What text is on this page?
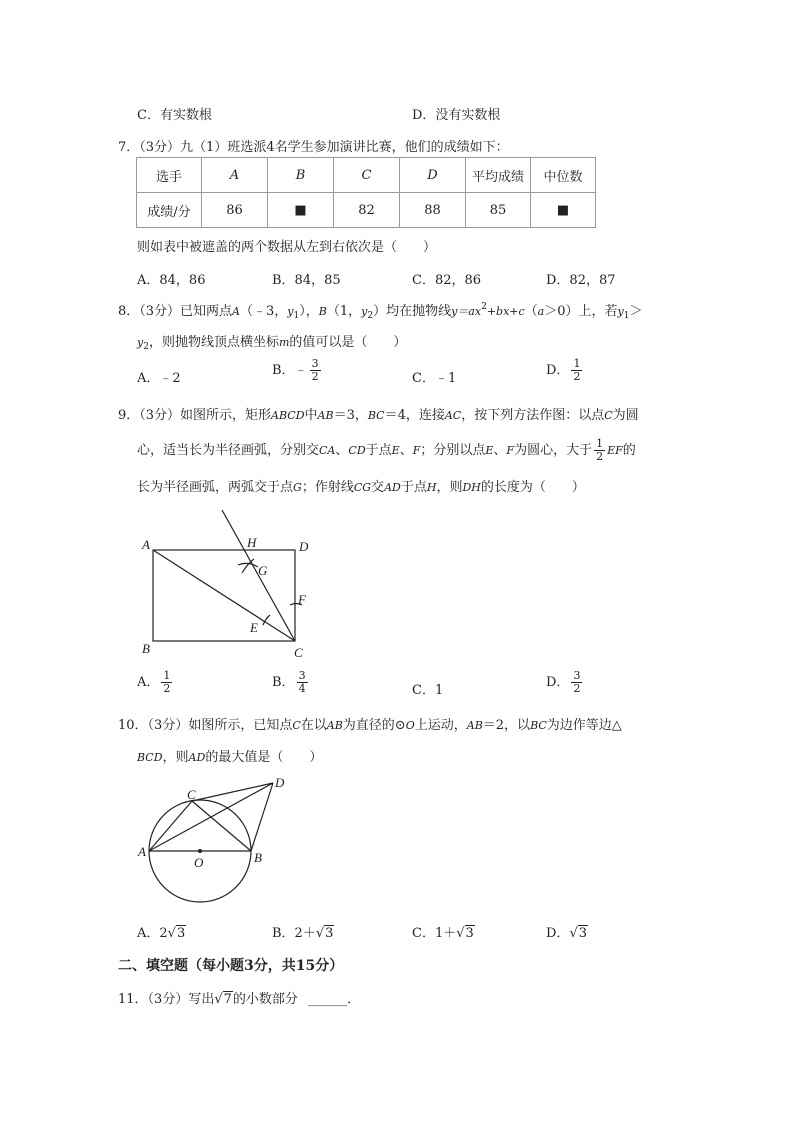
C．有实数根	D．没有实数根
7．（3分）九（1）班选派4名学生参加演讲比赛，他们的成绩如下：
选手	A	B	C	D	平均成绩	中位数
成绩/分	86	■	82	88	85	■
则如表中被遮盖的两个数据从左到右依次是（　　）
A．84，86	B．84，85	C．82，86	D．82，87
8．（3分）已知两点A（﹣3，$y_1$），B（1，$y_2$）均在抛物线$y=ax^2+bx+c(a>0)$上，若$y_1>$
$y_2$，则抛物线顶点横坐标m的值可以是（　　）
A．﹣2
B．﹣ $\frac{3}{2}$	C．﹣1
D． $\frac{1}{2}$
9．（3分）如图所示，矩形ABCD中AB＝3，BC＝4，连接AC，按下列方法作图：以点C为圆
心，适当长为半径画弧，分别交CA、CD于点E、F；分别以点E、F为圆心，大于 $\frac{1}{2}$ EF的
长为半径画弧，两弧交于点G；作射线CG交AD于点H，则DH的长度为（　　）
A
B	C
D
E
F
G
H
A． $\frac{1}{2}$	B． $\frac{3}{4}$	C．1
D． $\frac{3}{2}$
10．（3分）如图所示，已知点C在以AB为直径的⊙O上运动，AB＝2，以BC为边作等边△
BCD，则AD的最大值是（　　）
A	B
C
D
O
A．2√3	B．2＋√3	C．1＋√3	D．√3
二、填空题（每小题3分，共15分）
11．（3分）写出√7的小数部分 ______．
